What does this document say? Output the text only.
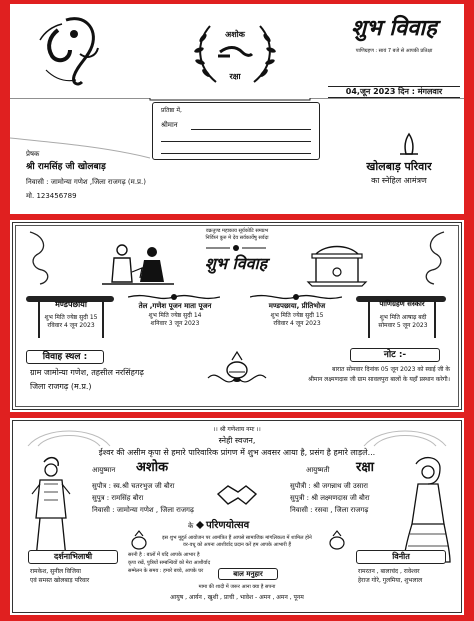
अशोक
रक्षा
शुभ विवाह
पाणिग्रहण : सायं 7 बजे से आपकी प्रतिक्षा
04,जून 2023 दिन : मंगलवार
प्रतिष्ठा में,
श्रीमान
प्रेषक
श्री रामसिंह जी खोलबाड़
निवासी : जामोन्या गणेश ,जिला राजगढ़ (म.प्र.)
मो. 123456789
खोलबाड़ परिवार
का स्नेहिल आमंत्रण
वक्रतुण्ड महाकाय सूर्यकोटि समप्रभ
निर्विघ्नं कुरु मे देव सर्वकार्येषु सर्वदा
शुभ विवाह
मण्डपछाया
शुभ मिति ज्येष्ठ सुदी 15
रविवार 4 जून 2023
तेल ,गणेश पूजन माता पूजन
शुभ मिति ज्येष्ठ सुदी 14
शनिवार 3 जून 2023
मण्डपछाया, प्रीतिभोज
शुभ मिति ज्येष्ठ सुदी 15
रविवार 4 जून 2023
पाणिग्रहण संस्कार
शुभ मिति आषाढ़ बदी
सोमवार 5 जून 2023
विवाह स्थल :
ग्राम जामोन्या गणेश, तहसील नरसिंहगढ़
जिला राजगढ़ (म.प्र.)
नोट :-
बारात सोमवार दिनांक 05 जून 2023 को स्वाई जी के
श्रीमान लक्ष्मणदास जी ग्राम सावलपुरा बालों के यहाँ प्रस्थान करेगी।
।। श्री गणेशाय नमः ।।
स्नेही स्वजन,
ईश्वर की असीम कृपा से हमारे पारिवारिक प्रांगण में शुभ अवसर आया है, प्रसंग है हमारे लाड़ले...
आयुष्मान अशोक
सुपौत्र : स्व.श्री चतरभुज जी बौरा
सुपुत्र : रामसिंह बौरा
निवासी : जामोन्या गणेश , जिला राजगढ़
आयुष्मती रक्षा
सुपौत्री : श्री जगन्नाथ जी उसारा
सुपुत्री : श्री लक्ष्मणदास जी बौरा
निवासी : रसवा , जिला राजगढ़
के परिणयोत्सव
इस शुभ मुहूर्त आयोजन पर आमंत्रित हैं आपसे सामाजिक मांगलिकता में शामिल होने
वर-वधू को अपना आशीर्वाद प्रदान करें हम आपके आभारी हैं
दर्शनाभिलाषी
रामकेश, सुनील विजिया
एवं समस्त खोलबाड़ परिवार
सरनी है : बालों में यदि आपके आभार है
कृपा रखें, पुत्रियों सम्बन्धियों को मेरा आशीर्वाद
सम्मेलन के समय : हमारे बच्चे, आपके घर	बाल मनुहार
मामा की शादी में जरूर आना क्या है सपना
आयुष , आर्यन , खुशी , प्राची , भावेश - अमन , अमन , पूनम
विनीत
रामरतन , बालाचंद , रावेश्वर
हेराज गोरे, गुलमिया, शुभलाल
